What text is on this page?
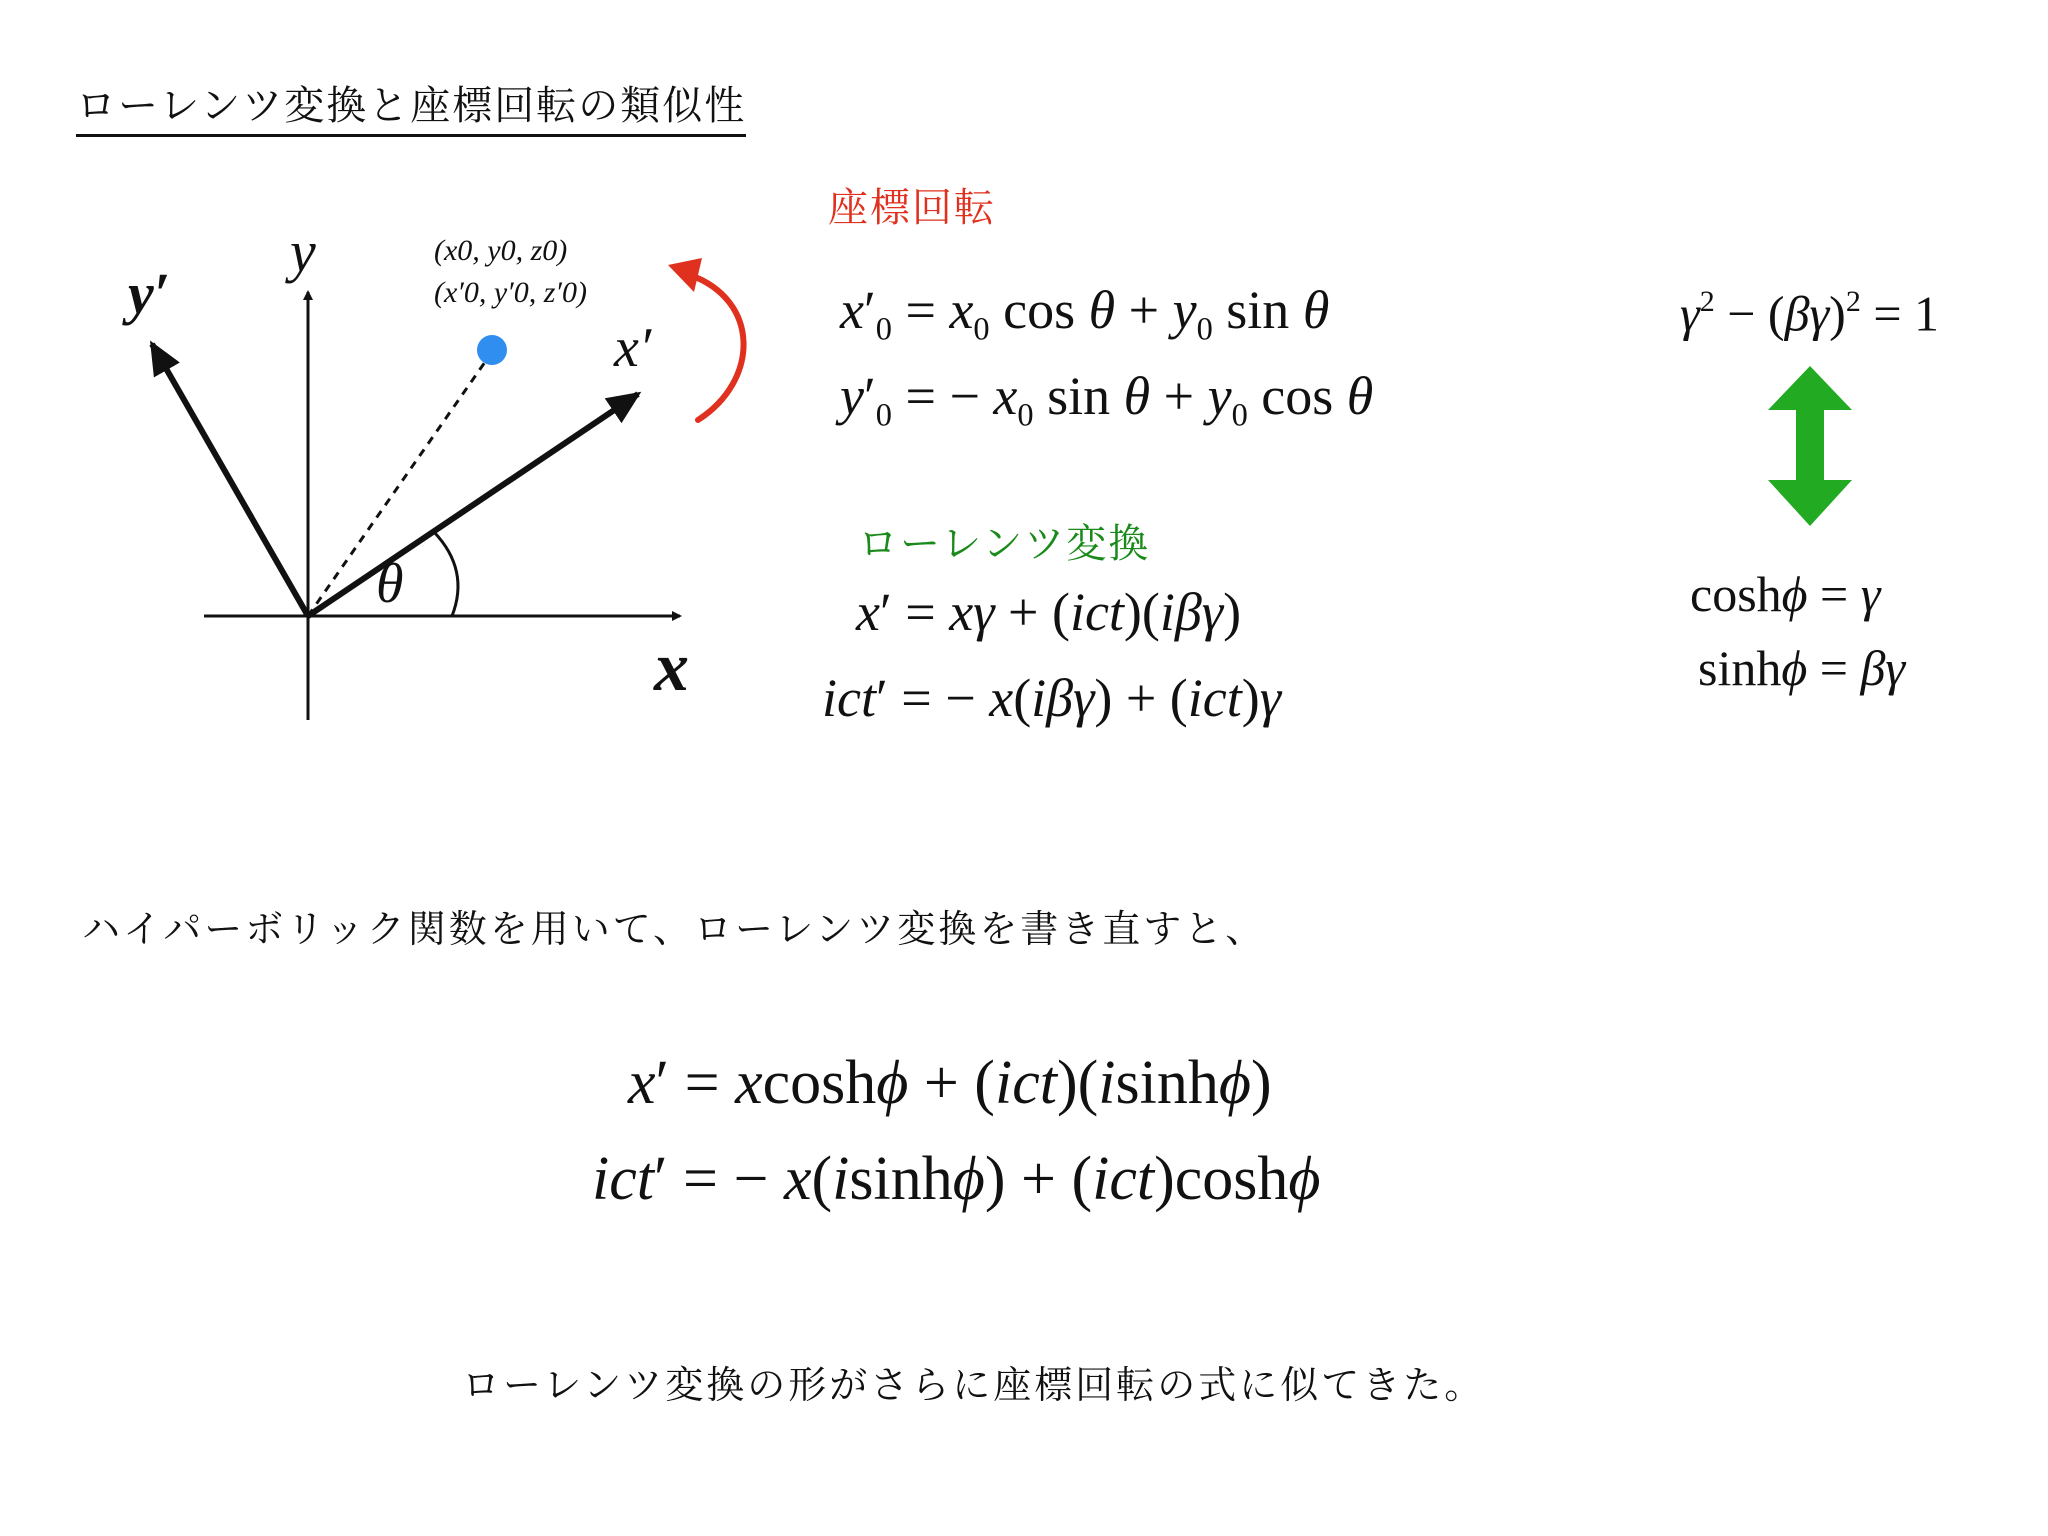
ローレンツ変換と座標回転の類似性
y
y′
x′
x
θ
(x0, y0, z0)
(x′0, y′0, z′0)
座標回転
$x'_0 = x_0$ $\cos \theta + y_0$ sin θ
$y'_0$ = − $x_0$ $\sin \theta + y_0$ cos θ
ローレンツ変換
x′ = xγ + (ict)(iβγ)
ict′ = − x(iβγ) + (ict)γ
$\gamma^2 - (\beta\gamma)^2 = 1$
coshϕ = γ
sinhϕ = βγ
ハイパーボリック関数を用いて、ローレンツ変換を書き直すと、
x′ = xcoshϕ + (ict)(isinhϕ)
ict′ = − x(isinhϕ) + (ict)coshϕ
ローレンツ変換の形がさらに座標回転の式に似てきた。
